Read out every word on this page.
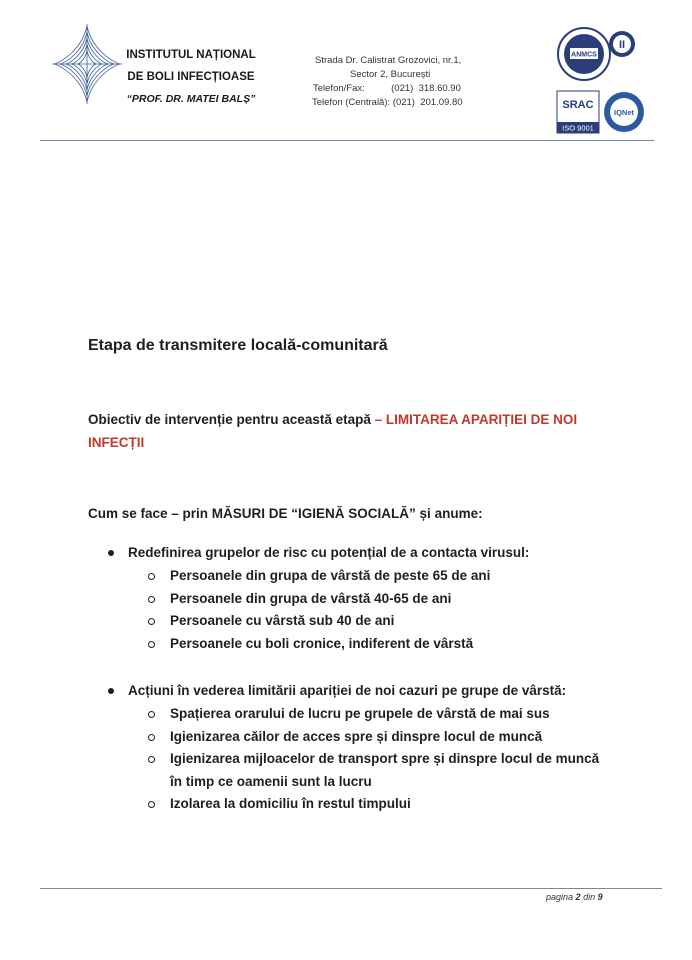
INSTITUTUL NAȚIONAL
DE BOLI INFECȚIOASE
“PROF. DR. MATEI BALȘ”
Strada Dr. Calistrat Grozovici, nr.1,
Sector 2, București
Telefon/Fax:          (021)  318.60.90
Telefon (Centrală): (021)  201.09.80
ANMCS
II
SRAC
ISO 9001
IQNet
Etapa de transmitere locală-comunitară
Obiectiv de intervenție pentru această etapă – LIMITAREA APARIȚIEI DE NOI INFECȚII
Cum se face – prin MĂSURI DE “IGIENĂ SOCIALĂ” și anume:
Redefinirea grupelor de risc cu potențial de a contacta virusul:
Persoanele din grupa de vârstă de peste 65 de ani
Persoanele din grupa de vârstă 40-65 de ani
Persoanele cu vârstă sub 40 de ani
Persoanele cu boli cronice, indiferent de vârstă
Acțiuni în vederea limitării apariției de noi cazuri pe grupe de vârstă:
Spațierea orarului de lucru pe grupele de vârstă de mai sus
Igienizarea căilor de acces spre și dinspre locul de muncă
Igienizarea mijloacelor de transport spre și dinspre locul de muncă în timp ce oamenii sunt la lucru
Izolarea la domiciliu în restul timpului
pagina 2 din 9
